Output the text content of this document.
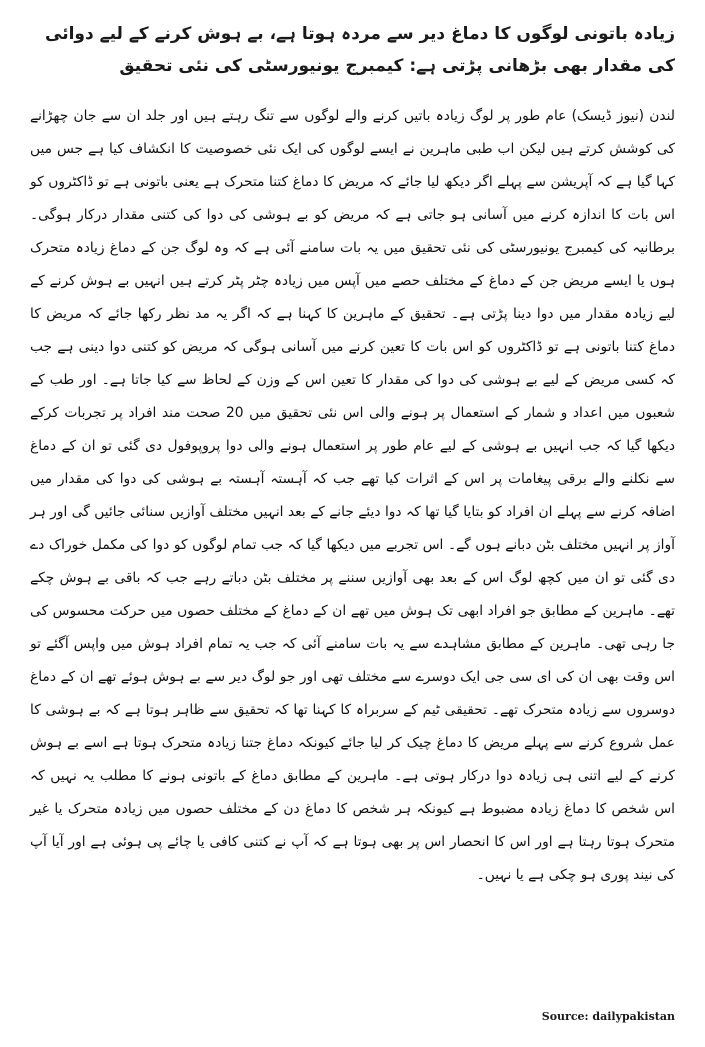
زیادہ باتونی لوگوں کا دماغ دیر سے مردہ ہوتا ہے، بے ہوش کرنے کے لیے دوائی کی مقدار بھی بڑھانی پڑتی ہے: کیمبرج یونیورسٹی کی نئی تحقیق

لندن (نیوز ڈیسک) عام طور پر لوگ زیادہ باتیں کرنے والے لوگوں سے تنگ رہتے ہیں اور جلد ان سے جان چھڑانے کی کوشش کرتے ہیں لیکن اب طبی ماہرین نے ایسے لوگوں کی ایک نئی خصوصیت کا انکشاف کیا ہے جس میں کہا گیا ہے کہ آپریشن سے پہلے اگر دیکھ لیا جائے کہ مریض کا دماغ کتنا متحرک ہے یعنی باتونی ہے تو ڈاکٹروں کو اس بات کا اندازہ کرنے میں آسانی ہو جاتی ہے کہ مریض کو بے ہوشی کی دوا کی کتنی مقدار درکار ہوگی۔ برطانیہ کی کیمبرج یونیورسٹی کی نئی تحقیق میں یہ بات سامنے آئی ہے کہ وہ لوگ جن کے دماغ زیادہ متحرک ہوں یا ایسے مریض جن کے دماغ کے مختلف حصے میں آپس میں زیادہ چٹر پٹر کرتے ہیں انہیں بے ہوش کرنے کے لیے زیادہ مقدار میں دوا دینا پڑتی ہے۔ تحقیق کے ماہرین کا کہنا ہے کہ اگر یہ مد نظر رکھا جائے کہ مریض کا دماغ کتنا باتونی ہے تو ڈاکٹروں کو اس بات کا تعین کرنے میں آسانی ہوگی کہ مریض کو کتنی دوا دینی ہے جب کہ کسی مریض کے لیے بے ہوشی کی دوا کی مقدار کا تعین اس کے وزن کے لحاظ سے کیا جاتا ہے۔ اور طب کے شعبوں میں اعداد و شمار کے استعمال پر ہونے والی اس نئی تحقیق میں 20 صحت مند افراد پر تجربات کرکے دیکھا گیا کہ جب انہیں بے ہوشی کے لیے عام طور پر استعمال ہونے والی دوا پروپوفول دی گئی تو ان کے دماغ سے نکلنے والے برقی پیغامات پر اس کے اثرات کیا تھے جب کہ آہستہ آہستہ بے ہوشی کی دوا کی مقدار میں اضافہ کرنے سے پہلے ان افراد کو بتایا گیا تھا کہ دوا دیئے جانے کے بعد انہیں مختلف آوازیں سنائی جائیں گی اور ہر آواز پر انہیں مختلف بٹن دبانے ہوں گے۔ اس تجربے میں دیکھا گیا کہ جب تمام لوگوں کو دوا کی مکمل خوراک دے دی گئی تو ان میں کچھ لوگ اس کے بعد بھی آوازیں سننے پر مختلف بٹن دباتے رہے جب کہ باقی بے ہوش چکے تھے۔ ماہرین کے مطابق جو افراد ابھی تک ہوش میں تھے ان کے دماغ کے مختلف حصوں میں حرکت محسوس کی جا رہی تھی۔ ماہرین کے مطابق مشاہدے سے یہ بات سامنے آئی کہ جب یہ تمام افراد ہوش میں واپس آگئے تو اس وقت بھی ان کی ای سی جی ایک دوسرے سے مختلف تھی اور جو لوگ دیر سے بے ہوش ہوئے تھے ان کے دماغ دوسروں سے زیادہ متحرک تھے۔ تحقیقی ٹیم کے سربراہ کا کہنا تھا کہ تحقیق سے ظاہر ہوتا ہے کہ بے ہوشی کا عمل شروع کرنے سے پہلے مریض کا دماغ چیک کر لیا جائے کیونکہ دماغ جتنا زیادہ متحرک ہوتا ہے اسے بے ہوش کرنے کے لیے اتنی ہی زیادہ دوا درکار ہوتی ہے۔ ماہرین کے مطابق دماغ کے باتونی ہونے کا مطلب یہ نہیں کہ اس شخص کا دماغ زیادہ مضبوط ہے کیونکہ ہر شخص کا دماغ دن کے مختلف حصوں میں زیادہ متحرک یا غیر متحرک ہوتا رہتا ہے اور اس کا انحصار اس پر بھی ہوتا ہے کہ آپ نے کتنی کافی یا چائے پی ہوئی ہے اور آیا آپ کی نیند پوری ہو چکی ہے یا نہیں۔

Source: dailypakistan
